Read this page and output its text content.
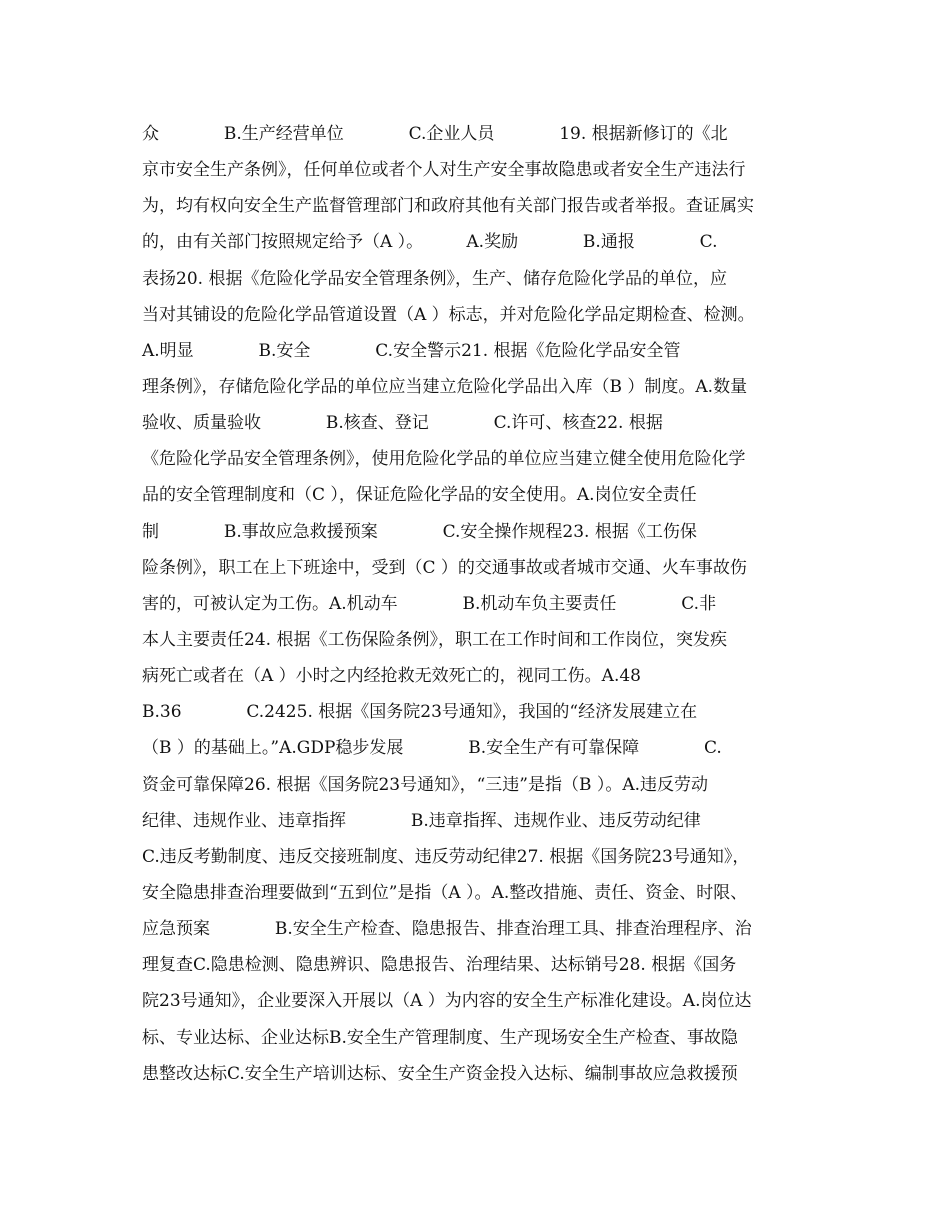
众            B.生产经营单位            C.企业人员            19. 根据新修订的《北
京市安全生产条例》，任何单位或者个人对生产安全事故隐患或者安全生产违法行
为，均有权向安全生产监督管理部门和政府其他有关部门报告或者举报。查证属实
的，由有关部门按照规定给予（A ）。        A.奖励            B.通报            C.
表扬20. 根据《危险化学品安全管理条例》，生产、储存危险化学品的单位，应
当对其铺设的危险化学品管道设置（A ）标志，并对危险化学品定期检查、检测。
A.明显            B.安全            C.安全警示21. 根据《危险化学品安全管
理条例》，存储危险化学品的单位应当建立危险化学品出入库（B ）制度。A.数量
验收、质量验收            B.核查、登记            C.许可、核查22. 根据
《危险化学品安全管理条例》，使用危险化学品的单位应当建立健全使用危险化学
品的安全管理制度和（C ），保证危险化学品的安全使用。A.岗位安全责任
制            B.事故应急救援预案            C.安全操作规程23. 根据《工伤保
险条例》，职工在上下班途中，受到（C ）的交通事故或者城市交通、火车事故伤
害的，可被认定为工伤。A.机动车            B.机动车负主要责任            C.非
本人主要责任24. 根据《工伤保险条例》，职工在工作时间和工作岗位，突发疾
病死亡或者在（A ）小时之内经抢救无效死亡的，视同工伤。A.48
B.36            C.2425. 根据《国务院23号通知》，我国的“经济发展建立在
（B ）的基础上。”A.GDP稳步发展            B.安全生产有可靠保障            C.
资金可靠保障26. 根据《国务院23号通知》，“三违”是指（B ）。A.违反劳动
纪律、违规作业、违章指挥            B.违章指挥、违规作业、违反劳动纪律
C.违反考勤制度、违反交接班制度、违反劳动纪律27. 根据《国务院23号通知》，
安全隐患排查治理要做到“五到位”是指（A ）。A.整改措施、责任、资金、时限、
应急预案            B.安全生产检查、隐患报告、排查治理工具、排查治理程序、治
理复查C.隐患检测、隐患辨识、隐患报告、治理结果、达标销号28. 根据《国务
院23号通知》，企业要深入开展以（A ）为内容的安全生产标准化建设。A.岗位达
标、专业达标、企业达标B.安全生产管理制度、生产现场安全生产检查、事故隐
患整改达标C.安全生产培训达标、安全生产资金投入达标、编制事故应急救援预
